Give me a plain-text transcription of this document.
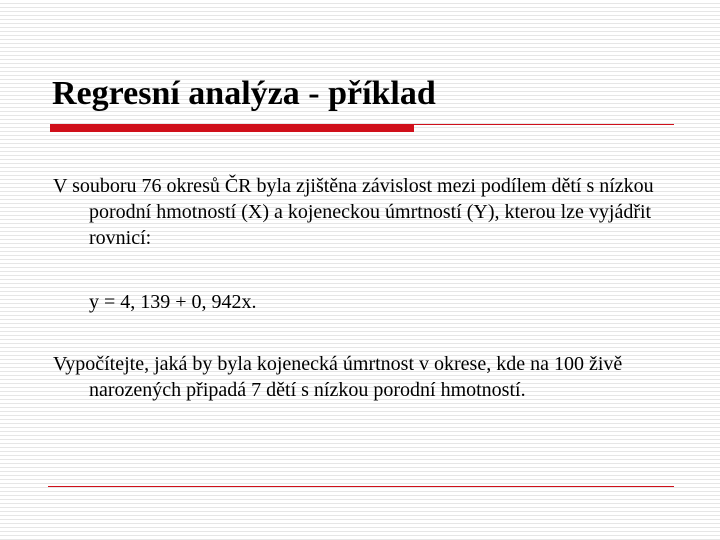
Regresní analýza - příklad

V souboru 76 okresů ČR byla zjištěna závislost mezi podílem dětí s nízkou porodní hmotností (X) a kojeneckou úmrtností (Y), kterou lze vyjádřit rovnicí:

y = 4, 139 + 0, 942x.

Vypočítejte, jaká by byla kojenecká úmrtnost v okrese, kde na 100 živě narozených připadá 7 dětí s nízkou porodní hmotností.
